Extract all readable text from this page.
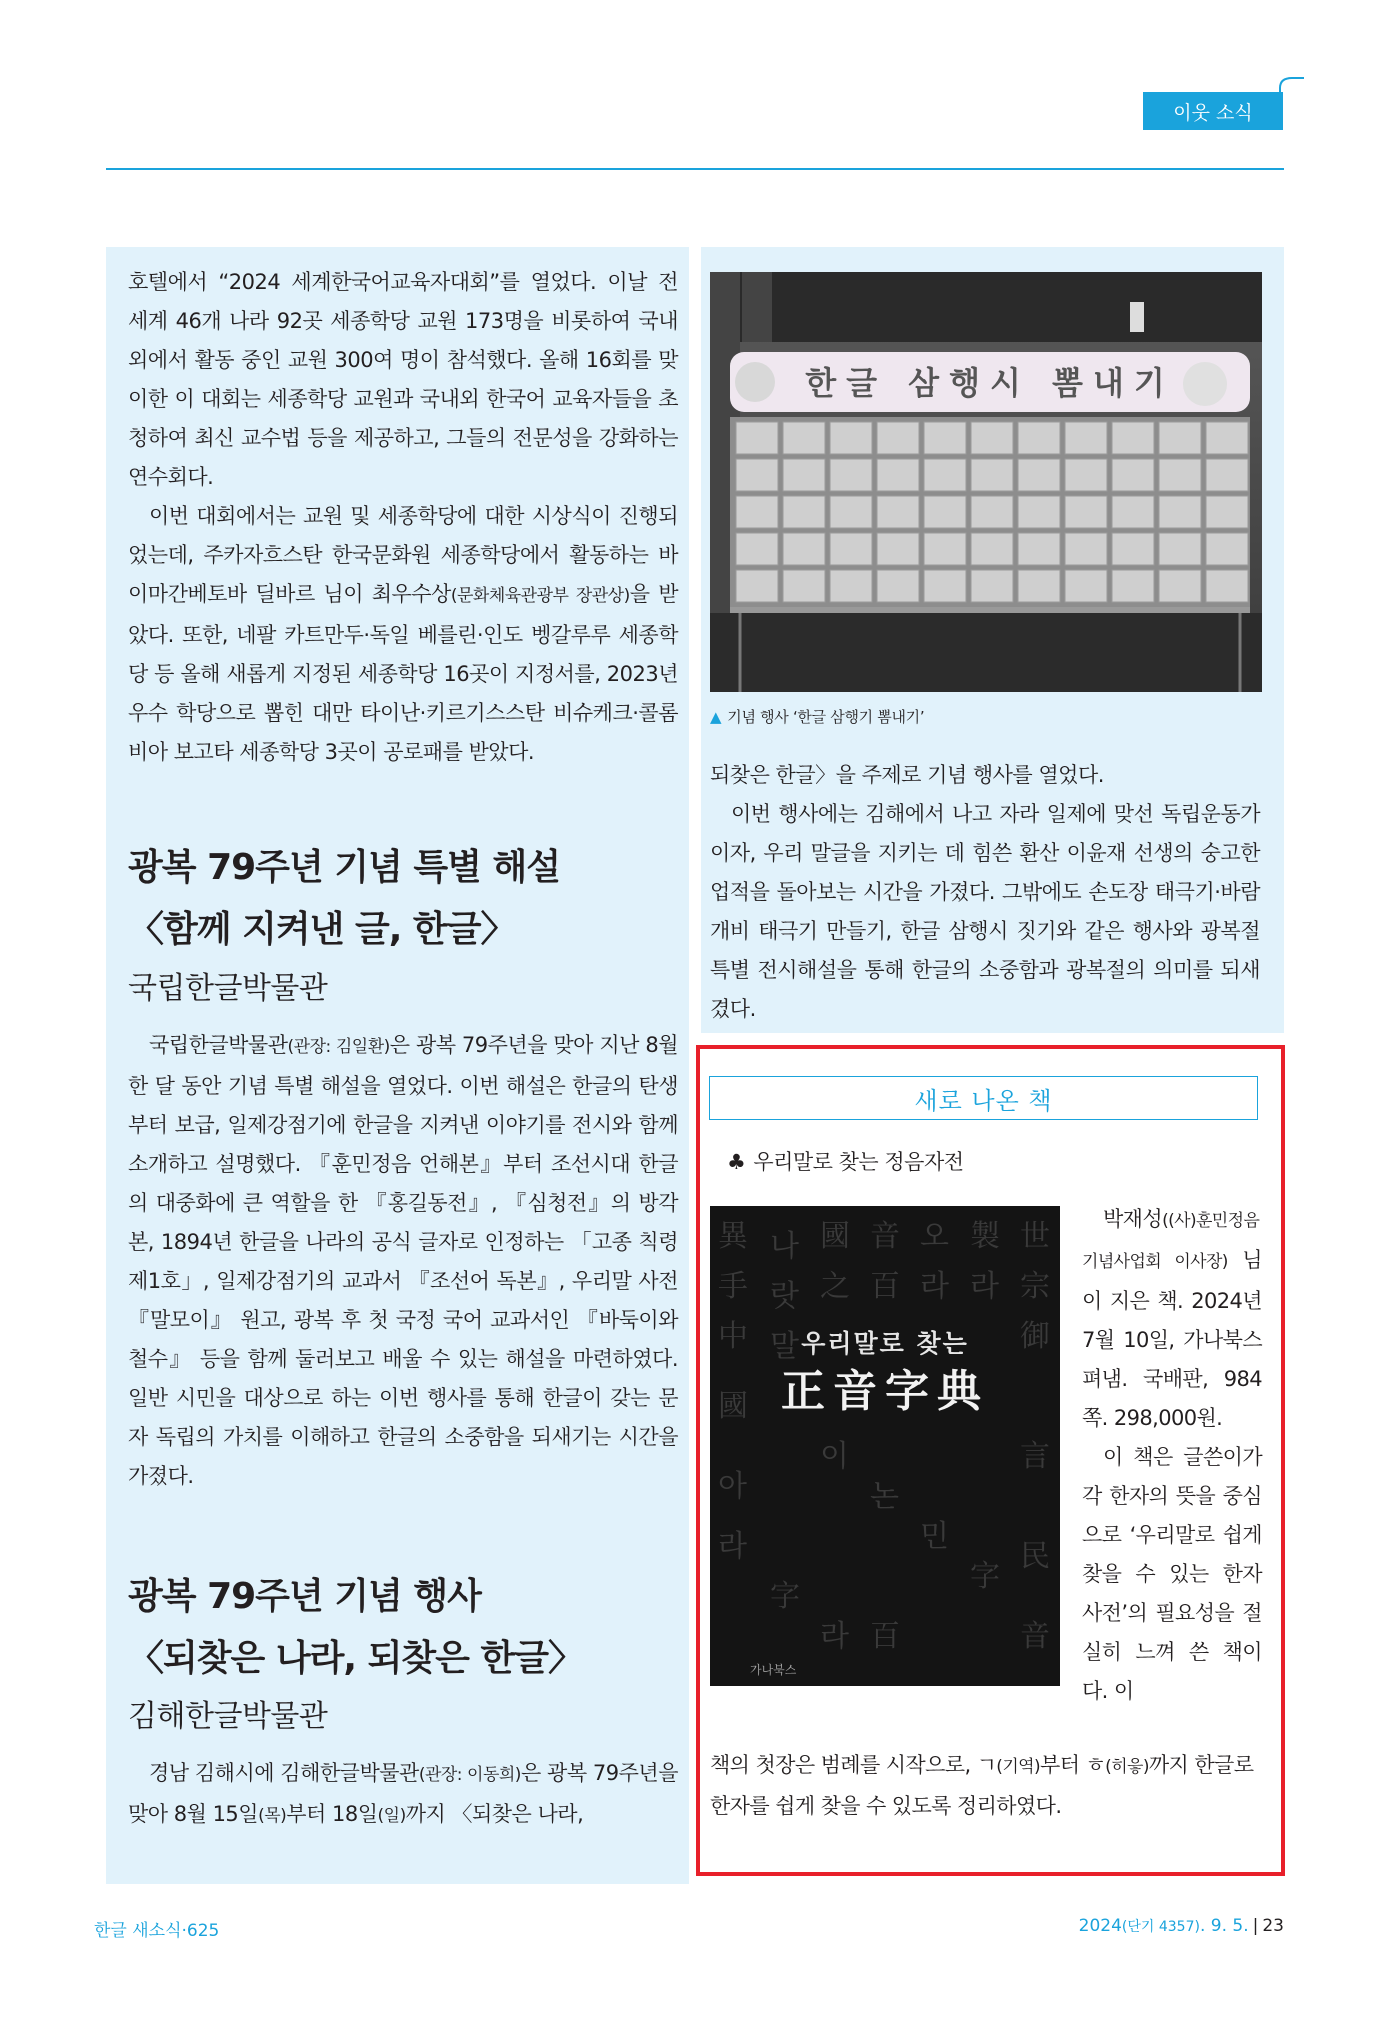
이웃 소식

호텔에서 “2024 세계한국어교육자대회”를 열었다. 이날 전 세계 46개 나라 92곳 세종학당 교원 173명을 비롯하여 국내외에서 활동 중인 교원 300여 명이 참석했다. 올해 16회를 맞이한 이 대회는 세종학당 교원과 국내외 한국어 교육자들을 초청하여 최신 교수법 등을 제공하고, 그들의 전문성을 강화하는 연수회다.

이번 대회에서는 교원 및 세종학당에 대한 시상식이 진행되었는데, 주카자흐스탄 한국문화원 세종학당에서 활동하는 바이마간베토바 딜바르 님이 최우수상(문화체육관광부 장관상)을 받았다. 또한, 네팔 카트만두·독일 베를린·인도 벵갈루루 세종학당 등 올해 새롭게 지정된 세종학당 16곳이 지정서를, 2023년 우수 학당으로 뽑힌 대만 타이난·키르기스스탄 비슈케크·콜롬비아 보고타 세종학당 3곳이 공로패를 받았다.

광복 79주년 기념 특별 해설
〈함께 지켜낸 글, 한글〉
국립한글박물관

국립한글박물관(관장: 김일환)은 광복 79주년을 맞아 지난 8월 한 달 동안 기념 특별 해설을 열었다. 이번 해설은 한글의 탄생부터 보급, 일제강점기에 한글을 지켜낸 이야기를 전시와 함께 소개하고 설명했다. 『훈민정음 언해본』부터 조선시대 한글의 대중화에 큰 역할을 한 『홍길동전』, 『심청전』의 방각본, 1894년 한글을 나라의 공식 글자로 인정하는 「고종 칙령 제1호」, 일제강점기의 교과서 『조선어 독본』, 우리말 사전 『말모이』 원고, 광복 후 첫 국정 국어 교과서인 『바둑이와 철수』 등을 함께 둘러보고 배울 수 있는 해설을 마련하였다. 일반 시민을 대상으로 하는 이번 행사를 통해 한글이 갖는 문자 독립의 가치를 이해하고 한글의 소중함을 되새기는 시간을 가졌다.

광복 79주년 기념 행사
〈되찾은 나라, 되찾은 한글〉
김해한글박물관

경남 김해시에 김해한글박물관(관장: 이동희)은 광복 79주년을 맞아 8월 15일(목)부터 18일(일)까지 〈되찾은 나라,

한글 삼행시 뽐내기
▲ 기념 행사 ‘한글 삼행기 뽐내기’

되찾은 한글〉을 주제로 기념 행사를 열었다.

이번 행사에는 김해에서 나고 자라 일제에 맞선 독립운동가이자, 우리 말글을 지키는 데 힘쓴 환산 이윤재 선생의 숭고한 업적을 돌아보는 시간을 가졌다. 그밖에도 손도장 태극기·바람개비 태극기 만들기, 한글 삼행시 짓기와 같은 행사와 광복절 특별 전시해설을 통해 한글의 소중함과 광복절의 의미를 되새겼다.

새로 나온 책
♣ 우리말로 찾는 정음자전
異
手
中
國
아
라
나
랏
말
國
之
이
音
百
논
오
라
민
製
라
字
世
宗
御
言
民
音
字
라 百
우리말로 찾는
正音字典
가나북스

박재성((사)훈민정음기념사업회 이사장) 님이 지은 책. 2024년 7월 10일, 가나북스 펴냄. 국배판, 984쪽. 298,000원.

이 책은 글쓴이가 각 한자의 뜻을 중심으로 ‘우리말로 쉽게 찾을 수 있는 한자 사전’의 필요성을 절실히 느껴 쓴 책이다. 이

책의 첫장은 범례를 시작으로, ㄱ(기역)부터 ㅎ(히읗)까지 한글로 한자를 쉽게 찾을 수 있도록 정리하였다.
한글 새소식·625	2024(단기 4357). 9. 5. | 23
